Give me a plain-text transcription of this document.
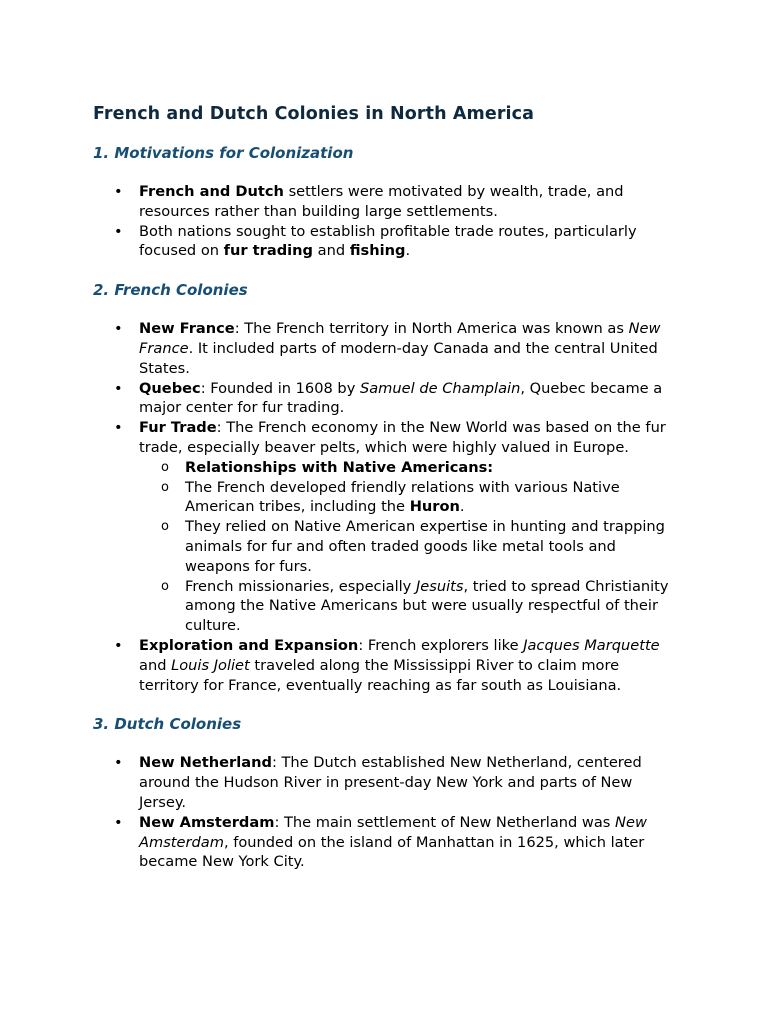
French and Dutch Colonies in North America
1. Motivations for Colonization
•	French and Dutch settlers were motivated by wealth, trade, and resources rather than building large settlements.
•	Both nations sought to establish profitable trade routes, particularly focused on fur trading and fishing.
2. French Colonies
•	New France: The French territory in North America was known as New France. It included parts of modern-day Canada and the central United States.
•	Quebec: Founded in 1608 by Samuel de Champlain, Quebec became a major center for fur trading.
•	Fur Trade: The French economy in the New World was based on the fur trade, especially beaver pelts, which were highly valued in Europe.
o Relationships with Native Americans:
o The French developed friendly relations with various Native American tribes, including the Huron.
o They relied on Native American expertise in hunting and trapping animals for fur and often traded goods like metal tools and weapons for furs.
o French missionaries, especially Jesuits, tried to spread Christianity among the Native Americans but were usually respectful of their culture.
•	Exploration and Expansion: French explorers like Jacques Marquette and Louis Joliet traveled along the Mississippi River to claim more territory for France, eventually reaching as far south as Louisiana.
3. Dutch Colonies
•	New Netherland: The Dutch established New Netherland, centered around the Hudson River in present-day New York and parts of New Jersey.
•	New Amsterdam: The main settlement of New Netherland was New Amsterdam, founded on the island of Manhattan in 1625, which later became New York City.
